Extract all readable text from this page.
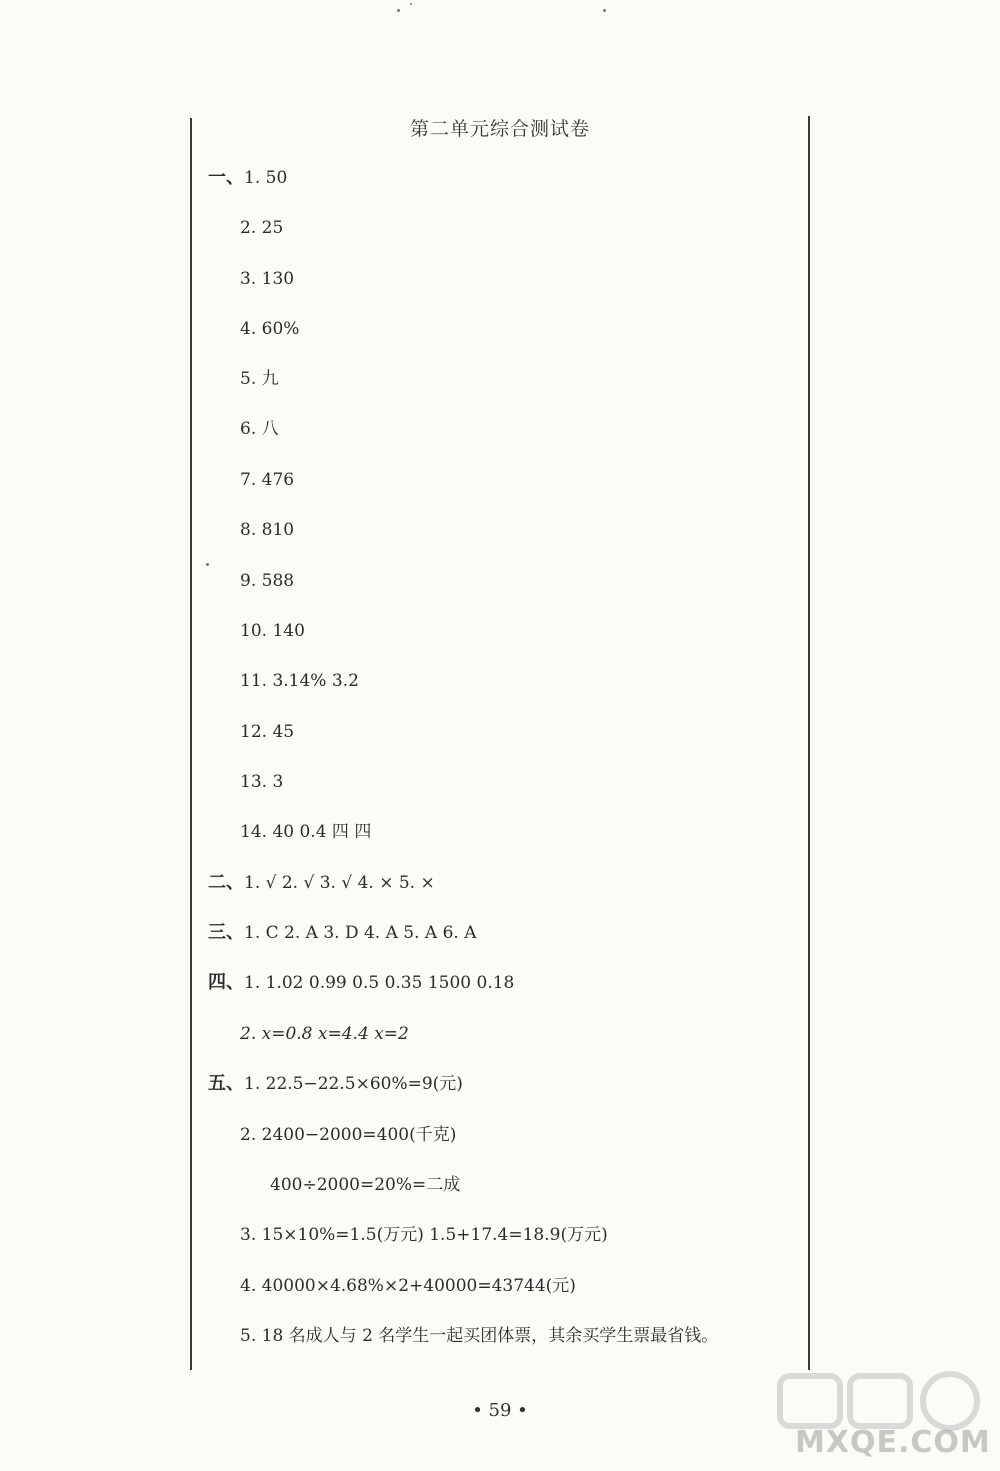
第二单元综合测试卷
一、1. 50
2. 25
3. 130
4. 60%
5. 九
6. 八
7. 476
8. 810
9. 588
10. 140
11. 3.14% 3.2
12. 45
13. 3
14. 40 0.4 四 四
二、1. √ 2. √ 3. √ 4. × 5. ×
三、1. C 2. A 3. D 4. A 5. A 6. A
四、1. 1.02 0.99 0.5 0.35 1500 0.18
2. x=0.8 x=4.4 x=2
五、1. 22.5−22.5×60%=9(元)
2. 2400−2000=400(千克)
400÷2000=20%=二成
3. 15×10%=1.5(万元) 1.5+17.4=18.9(万元)
4. 40000×4.68%×2+40000=43744(元)
5. 18 名成人与 2 名学生一起买团体票，其余买学生票最省钱。
• 59 •
MXQE.COM
